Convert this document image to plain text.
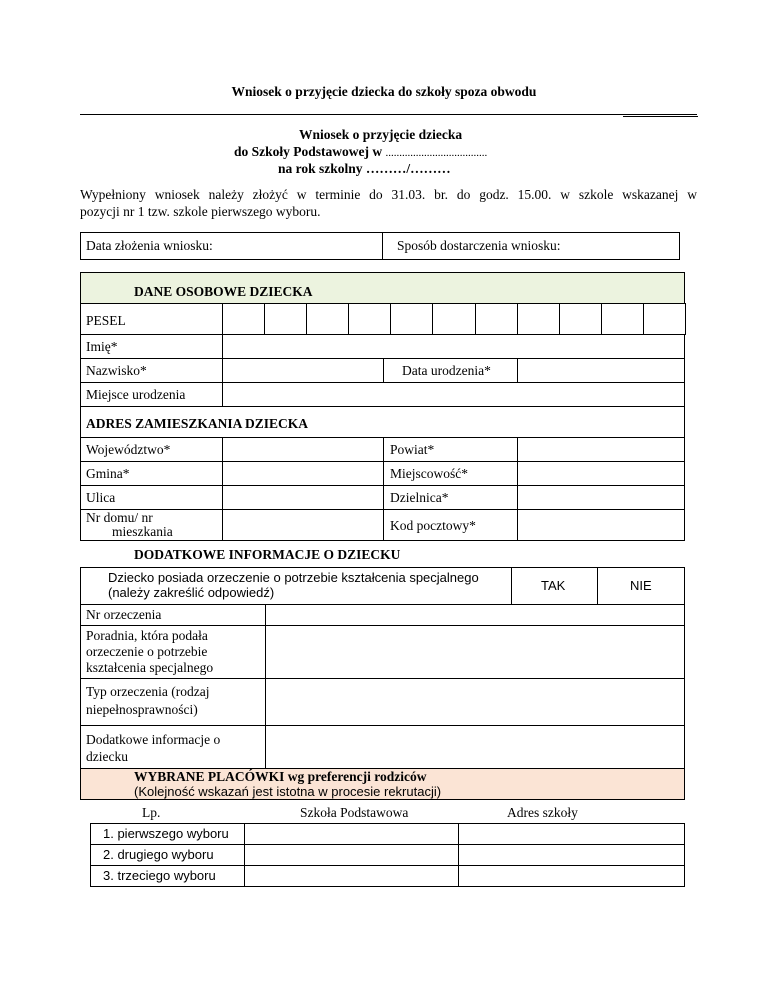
Wniosek o przyjęcie dziecka do szkoły spoza obwodu
Wniosek o przyjęcie dziecka
do Szkoły Podstawowej w .....................................
na rok szkolny ………/………
Wypełniony wniosek należy złożyć w terminie do 31.03. br. do godz. 15.00. w szkole wskazanej w
pozycji nr 1 tzw. szkole pierwszego wyboru.
Data złożenia wniosku:	Sposób dostarczenia wniosku:
DANE OSOBOWE DZIECKA
PESEL
Imię*
Nazwisko*	Data urodzenia*
Miejsce urodzenia
ADRES ZAMIESZKANIA DZIECKA
Województwo*	Powiat*
Gmina*	Miejscowość*
Ulica	Dzielnica*
Nr domu/ nr
mieszkania	Kod pocztowy*
DODATKOWE INFORMACJE O DZIECKU
Dziecko posiada orzeczenie o potrzebie kształcenia specjalnego
(należy zakreślić odpowiedź)	TAK	NIE
Nr orzeczenia
Poradnia, która podała
orzeczenie o potrzebie
kształcenia specjalnego
Typ orzeczenia (rodzaj
niepełnosprawności)
Dodatkowe informacje o
dziecku
WYBRANE PLACÓWKI wg preferencji rodziców
(Kolejność wskazań jest istotna w procesie rekrutacji)
Lp.	Szkoła Podstawowa	Adres szkoły
1. pierwszego wyboru
2. drugiego wyboru
3. trzeciego wyboru
